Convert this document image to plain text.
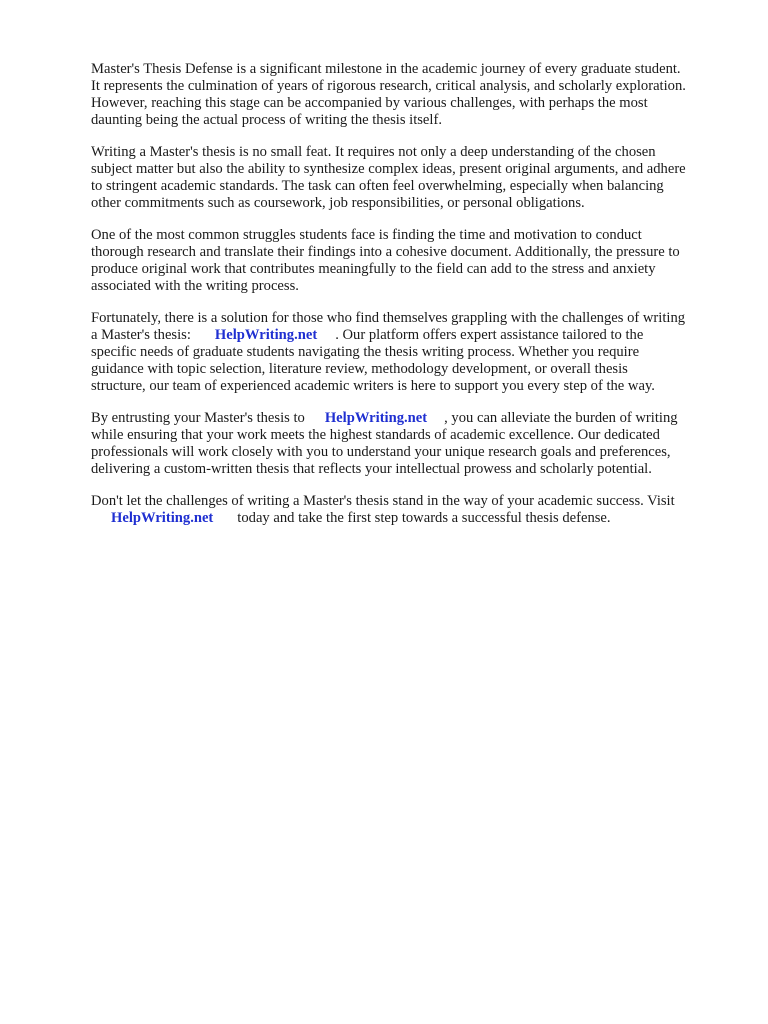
Master's Thesis Defense is a significant milestone in the academic journey of every graduate student.
It represents the culmination of years of rigorous research, critical analysis, and scholarly exploration.
However, reaching this stage can be accompanied by various challenges, with perhaps the most
daunting being the actual process of writing the thesis itself.

Writing a Master's thesis is no small feat. It requires not only a deep understanding of the chosen
subject matter but also the ability to synthesize complex ideas, present original arguments, and adhere
to stringent academic standards. The task can often feel overwhelming, especially when balancing
other commitments such as coursework, job responsibilities, or personal obligations.

One of the most common struggles students face is finding the time and motivation to conduct
thorough research and translate their findings into a cohesive document. Additionally, the pressure to
produce original work that contributes meaningfully to the field can add to the stress and anxiety
associated with the writing process.

Fortunately, there is a solution for those who find themselves grappling with the challenges of writing
a Master's thesis: HelpWriting.net . Our platform offers expert assistance tailored to the
specific needs of graduate students navigating the thesis writing process. Whether you require
guidance with topic selection, literature review, methodology development, or overall thesis
structure, our team of experienced academic writers is here to support you every step of the way.

By entrusting your Master's thesis to HelpWriting.net , you can alleviate the burden of writing
while ensuring that your work meets the highest standards of academic excellence. Our dedicated
professionals will work closely with you to understand your unique research goals and preferences,
delivering a custom-written thesis that reflects your intellectual prowess and scholarly potential.

Don't let the challenges of writing a Master's thesis stand in the way of your academic success. Visit
HelpWriting.net today and take the first step towards a successful thesis defense.
